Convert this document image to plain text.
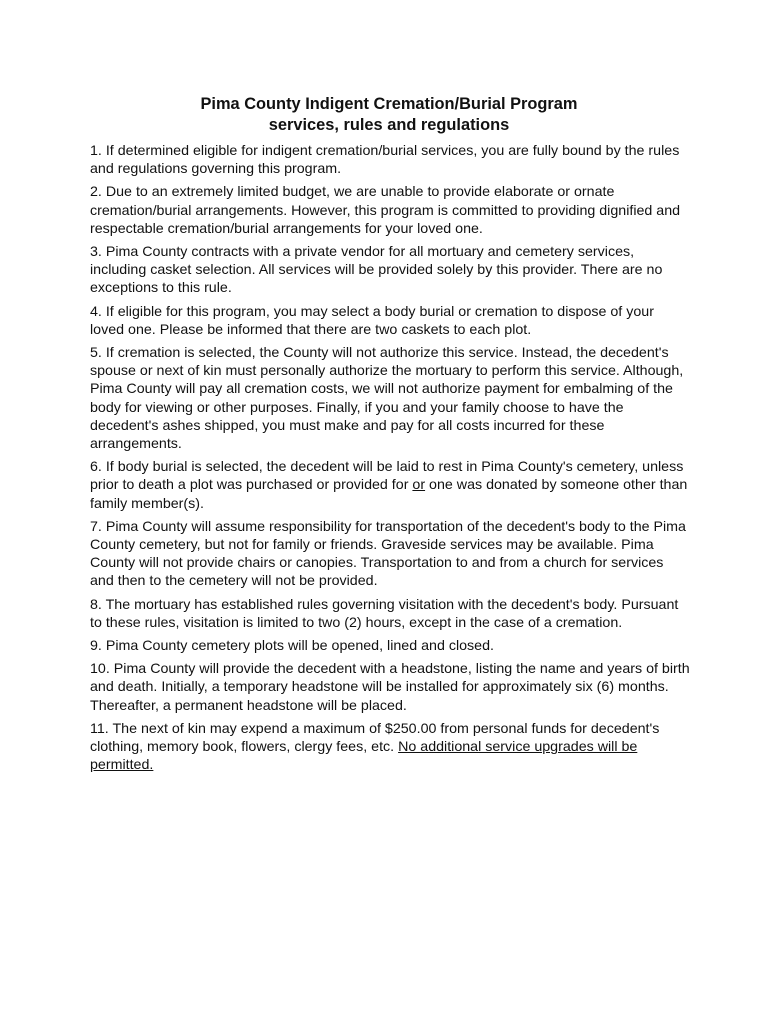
Pima County Indigent Cremation/Burial Program
services, rules and regulations

1. If determined eligible for indigent cremation/burial services, you are fully bound by the rules and regulations governing this program.

2. Due to an extremely limited budget, we are unable to provide elaborate or ornate cremation/burial arrangements. However, this program is committed to providing dignified and respectable cremation/burial arrangements for your loved one.

3. Pima County contracts with a private vendor for all mortuary and cemetery services, including casket selection. All services will be provided solely by this provider. There are no exceptions to this rule.

4. If eligible for this program, you may select a body burial or cremation to dispose of your loved one. Please be informed that there are two caskets to each plot.

5. If cremation is selected, the County will not authorize this service. Instead, the decedent's spouse or next of kin must personally authorize the mortuary to perform this service. Although, Pima County will pay all cremation costs, we will not authorize payment for embalming of the body for viewing or other purposes. Finally, if you and your family choose to have the decedent's ashes shipped, you must make and pay for all costs incurred for these arrangements.

6. If body burial is selected, the decedent will be laid to rest in Pima County's cemetery, unless prior to death a plot was purchased or provided for or one was donated by someone other than family member(s).

7. Pima County will assume responsibility for transportation of the decedent's body to the Pima County cemetery, but not for family or friends. Graveside services may be available. Pima County will not provide chairs or canopies. Transportation to and from a church for services and then to the cemetery will not be provided.

8. The mortuary has established rules governing visitation with the decedent's body. Pursuant to these rules, visitation is limited to two (2) hours, except in the case of a cremation.

9. Pima County cemetery plots will be opened, lined and closed.

10. Pima County will provide the decedent with a headstone, listing the name and years of birth and death. Initially, a temporary headstone will be installed for approximately six (6) months. Thereafter, a permanent headstone will be placed.

11. The next of kin may expend a maximum of $250.00 from personal funds for decedent's clothing, memory book, flowers, clergy fees, etc. No additional service upgrades will be permitted.
